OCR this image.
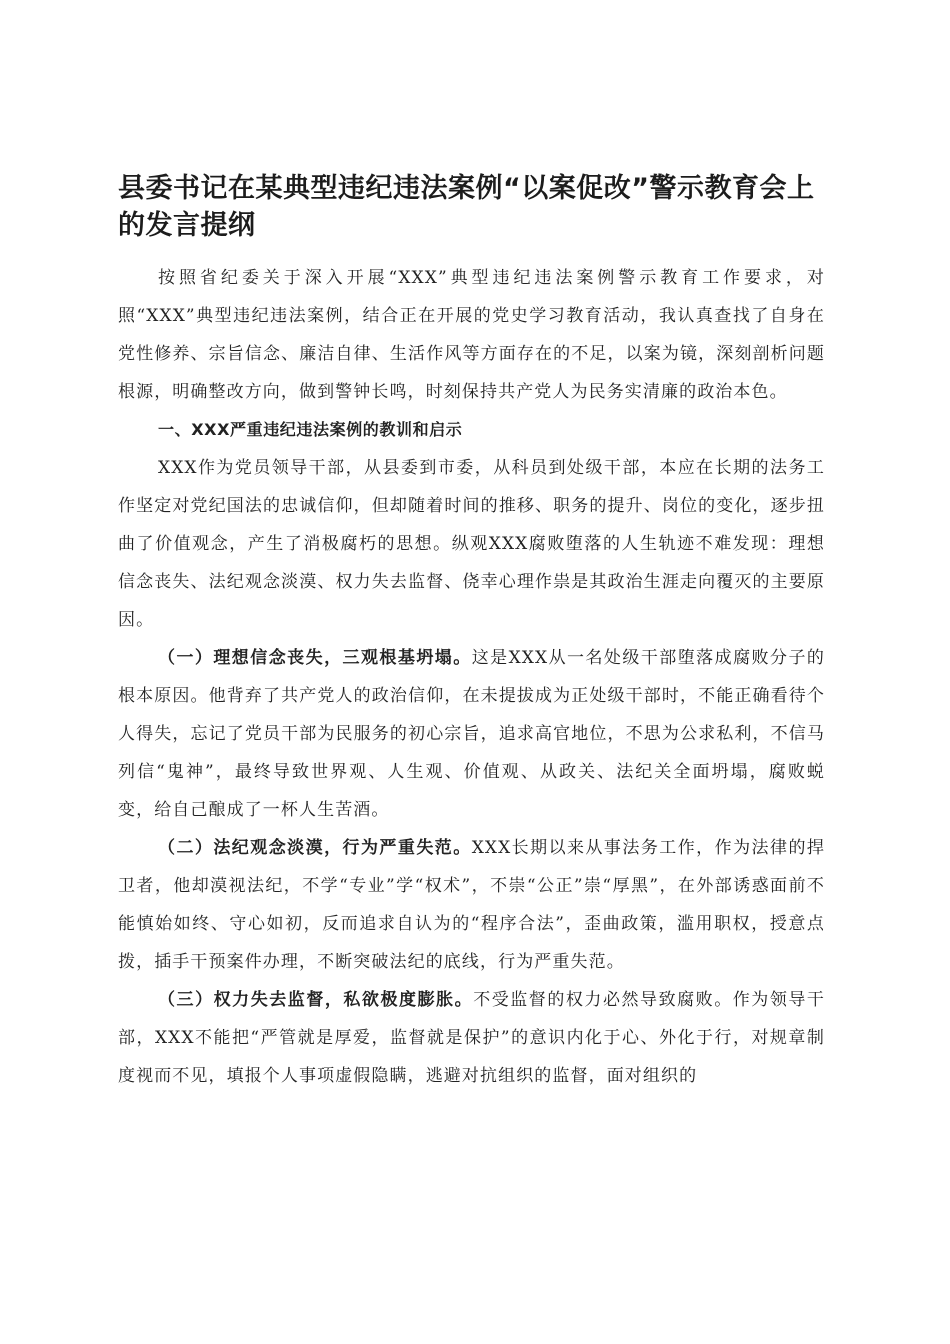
县委书记在某典型违纪违法案例“以案促改”警示教育会上的发言提纲

按照省纪委关于深入开展“XXX”典型违纪违法案例警示教育工作要求，对照“XXX”典型违纪违法案例，结合正在开展的党史学习教育活动，我认真查找了自身在党性修养、宗旨信念、廉洁自律、生活作风等方面存在的不足，以案为镜，深刻剖析问题根源，明确整改方向，做到警钟长鸣，时刻保持共产党人为民务实清廉的政治本色。

一、XXX严重违纪违法案例的教训和启示

XXX作为党员领导干部，从县委到市委，从科员到处级干部，本应在长期的法务工作坚定对党纪国法的忠诚信仰，但却随着时间的推移、职务的提升、岗位的变化，逐步扭曲了价值观念，产生了消极腐朽的思想。纵观XXX腐败堕落的人生轨迹不难发现：理想信念丧失、法纪观念淡漠、权力失去监督、侥幸心理作祟是其政治生涯走向覆灭的主要原因。

（一）理想信念丧失，三观根基坍塌。这是XXX从一名处级干部堕落成腐败分子的根本原因。他背弃了共产党人的政治信仰，在未提拔成为正处级干部时，不能正确看待个人得失，忘记了党员干部为民服务的初心宗旨，追求高官地位，不思为公求私利，不信马列信“鬼神”，最终导致世界观、人生观、价值观、从政关、法纪关全面坍塌，腐败蜕变，给自己酿成了一杯人生苦酒。

（二）法纪观念淡漠，行为严重失范。XXX长期以来从事法务工作，作为法律的捍卫者，他却漠视法纪，不学“专业”学“权术”，不崇“公正”崇“厚黑”，在外部诱惑面前不能慎始如终、守心如初，反而追求自认为的“程序合法”，歪曲政策，滥用职权，授意点拨，插手干预案件办理，不断突破法纪的底线，行为严重失范。

（三）权力失去监督，私欲极度膨胀。不受监督的权力必然导致腐败。作为领导干部，XXX不能把“严管就是厚爱，监督就是保护”的意识内化于心、外化于行，对规章制度视而不见，填报个人事项虚假隐瞒，逃避对抗组织的监督，面对组织的
